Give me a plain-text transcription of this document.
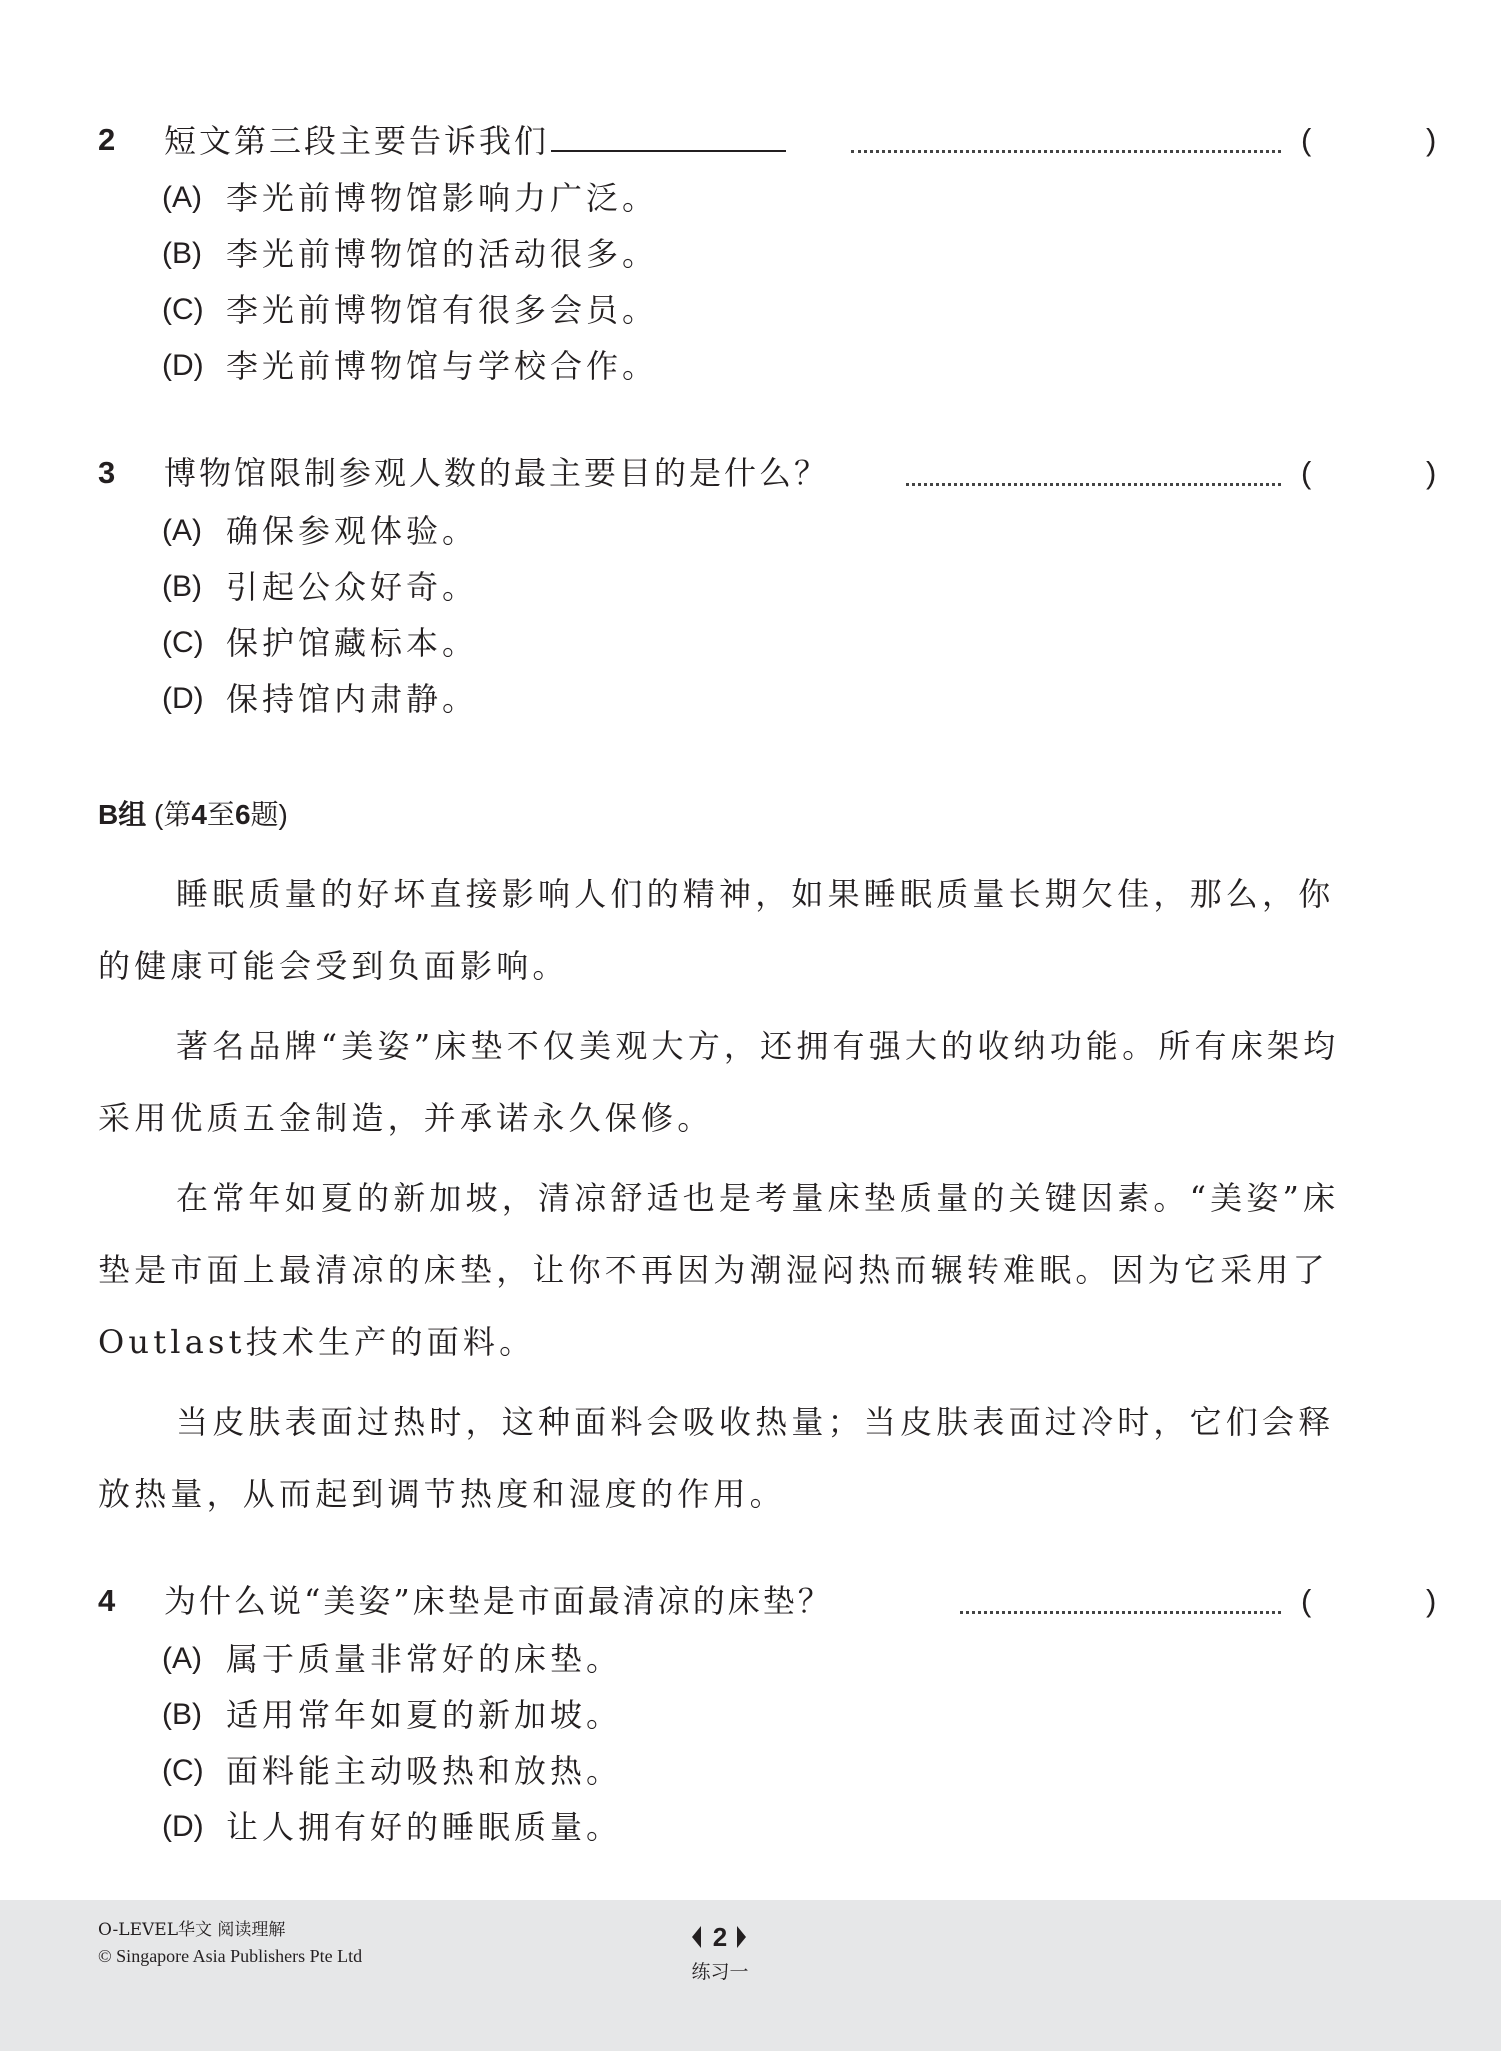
2 短文第三段主要告诉我们	(	)
(A) 李光前博物馆影响力广泛。
(B) 李光前博物馆的活动很多。
(C) 李光前博物馆有很多会员。
(D) 李光前博物馆与学校合作。
3 博物馆限制参观人数的最主要目的是什么？	(	)
(A) 确保参观体验。
(B) 引起公众好奇。
(C) 保护馆藏标本。
(D) 保持馆内肃静。
B组 (第4至6题)

睡眠质量的好坏直接影响人们的精神，如果睡眠质量长期欠佳，那么，你的健康可能会受到负面影响。

著名品牌“美姿”床垫不仅美观大方，还拥有强大的收纳功能。所有床架均采用优质五金制造，并承诺永久保修。

在常年如夏的新加坡，清凉舒适也是考量床垫质量的关键因素。“美姿”床垫是市面上最清凉的床垫，让你不再因为潮湿闷热而辗转难眠。因为它采用了Outlast技术生产的面料。

当皮肤表面过热时，这种面料会吸收热量；当皮肤表面过冷时，它们会释放热量，从而起到调节热度和湿度的作用。

4 为什么说“美姿”床垫是市面最清凉的床垫？	(	)
(A) 属于质量非常好的床垫。
(B) 适用常年如夏的新加坡。
(C) 面料能主动吸热和放热。
(D) 让人拥有好的睡眠质量。
O-LEVEL华文 阅读理解
© Singapore Asia Publishers Pte Ltd
2
练习一
